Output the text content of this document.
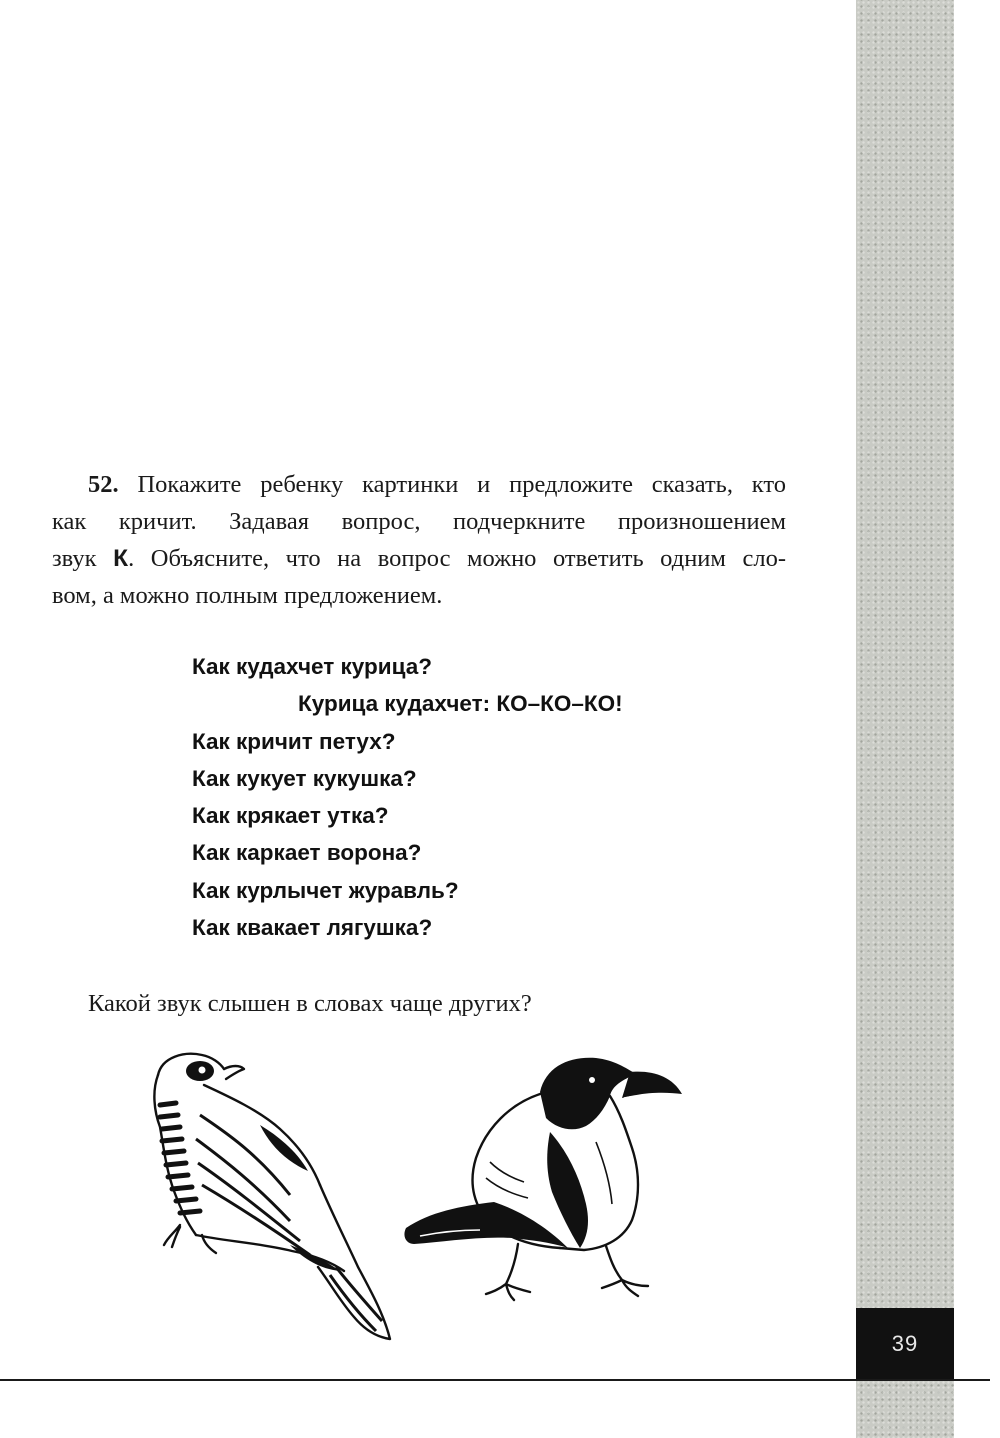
52. Покажите ребенку картинки и предложите сказать, кто
как кричит. Задавая вопрос, подчеркните произношением
звук К. Объясните, что на вопрос можно ответить одним сло-
вом, а можно полным предложением.
Как кудахчет курица?
Курица кудахчет: КО–КО–КО!
Как кричит петух?
Как кукует кукушка?
Как крякает утка?
Как каркает ворона?
Как курлычет журавль?
Как квакает лягушка?
Какой звук слышен в словах чаще других?
39
